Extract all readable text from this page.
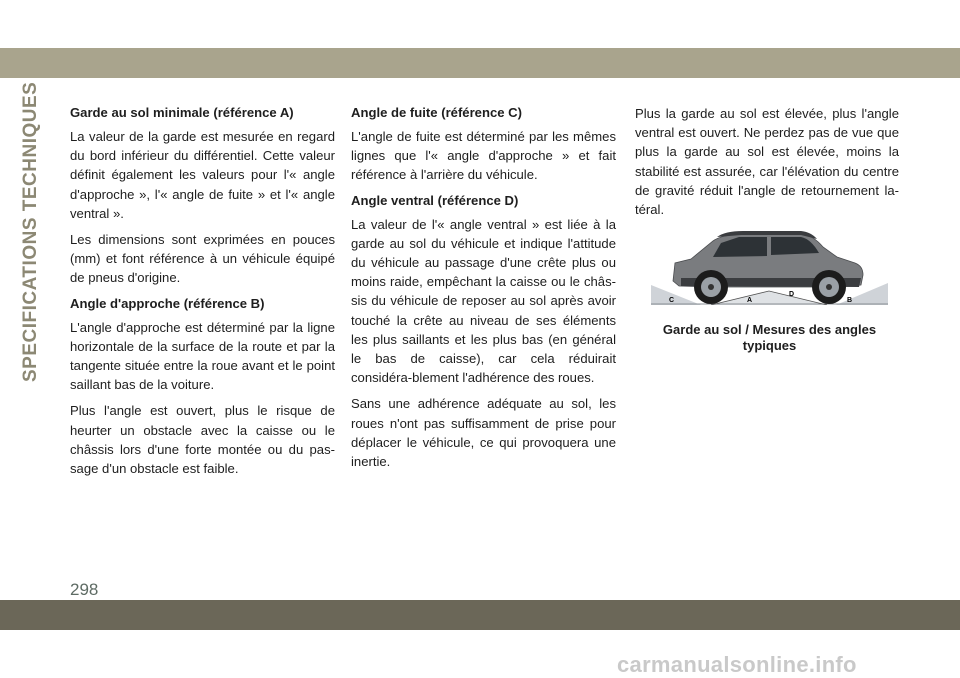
SPECIFICATIONS TECHNIQUES Garde au sol minimale (référence A)

La valeur de la garde est mesurée en regard du bord inférieur du différentiel. Cette valeur définit également les valeurs pour l'« angle d'approche », l'« angle de fuite » et l'« angle ventral ».

Les dimensions sont exprimées en pouces (mm) et font référence à un véhicule équipé de pneus d'origine.

Angle d'approche (référence B)

L'angle d'approche est déterminé par la ligne horizontale de la surface de la route et par la tangente située entre la roue avant et le point saillant bas de la voiture.

Plus l'angle est ouvert, plus le risque de heurter un obstacle avec la caisse ou le châssis lors d'une forte montée ou du pas-sage d'un obstacle est faible.

Angle de fuite (référence C)

L'angle de fuite est déterminé par les mêmes lignes que l'« angle d'approche » et fait référence à l'arrière du véhicule.

Angle ventral (référence D)

La valeur de l'« angle ventral » est liée à la garde au sol du véhicule et indique l'attitude du véhicule au passage d'une crête plus ou moins raide, empêchant la caisse ou le châs-sis du véhicule de reposer au sol après avoir touché la crête au niveau de ses éléments les plus saillants et les plus bas (en général le bas de caisse), car cela réduirait considéra-blement l'adhérence des roues.

Sans une adhérence adéquate au sol, les roues n'ont pas suffisamment de prise pour déplacer le véhicule, ce qui provoquera une inertie.

Plus la garde au sol est élevée, plus l'angle ventral est ouvert. Ne perdez pas de vue que plus la garde au sol est élevée, moins la stabilité est assurée, car l'élévation du centre de gravité réduit l'angle de retournement la-téral.

C	A
D
B
Garde au sol / Mesures des angles typiques
298
carmanualsonline.info
